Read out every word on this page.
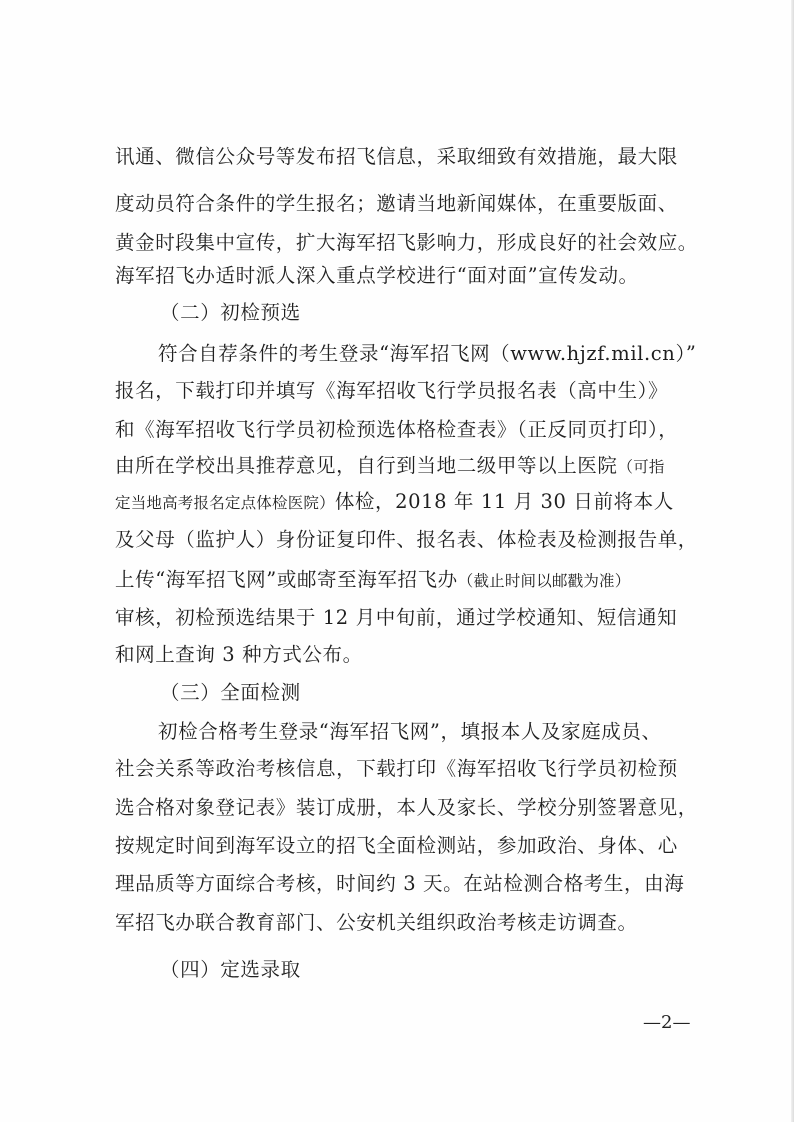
讯通、微信公众号等发布招飞信息，采取细致有效措施，最大限
度动员符合条件的学生报名；邀请当地新闻媒体，在重要版面、
黄金时段集中宣传，扩大海军招飞影响力，形成良好的社会效应。
海军招飞办适时派人深入重点学校进行“面对面”宣传发动。
（二）初检预选
符合自荐条件的考生登录“海军招飞网（www.hjzf.mil.cn）”
报名，下载打印并填写《海军招收飞行学员报名表（高中生）》
和《海军招收飞行学员初检预选体格检查表》（正反同页打印），
由所在学校出具推荐意见，自行到当地二级甲等以上医院（可指
定当地高考报名定点体检医院）体检，2018 年 11 月 30 日前将本人
及父母（监护人）身份证复印件、报名表、体检表及检测报告单，
上传“海军招飞网”或邮寄至海军招飞办（截止时间以邮戳为准）
审核，初检预选结果于 12 月中旬前，通过学校通知、短信通知
和网上查询 3 种方式公布。
（三）全面检测
初检合格考生登录“海军招飞网”，填报本人及家庭成员、
社会关系等政治考核信息，下载打印《海军招收飞行学员初检预
选合格对象登记表》装订成册，本人及家长、学校分别签署意见，
按规定时间到海军设立的招飞全面检测站，参加政治、身体、心
理品质等方面综合考核，时间约 3 天。在站检测合格考生，由海
军招飞办联合教育部门、公安机关组织政治考核走访调查。
（四）定选录取
—2—
